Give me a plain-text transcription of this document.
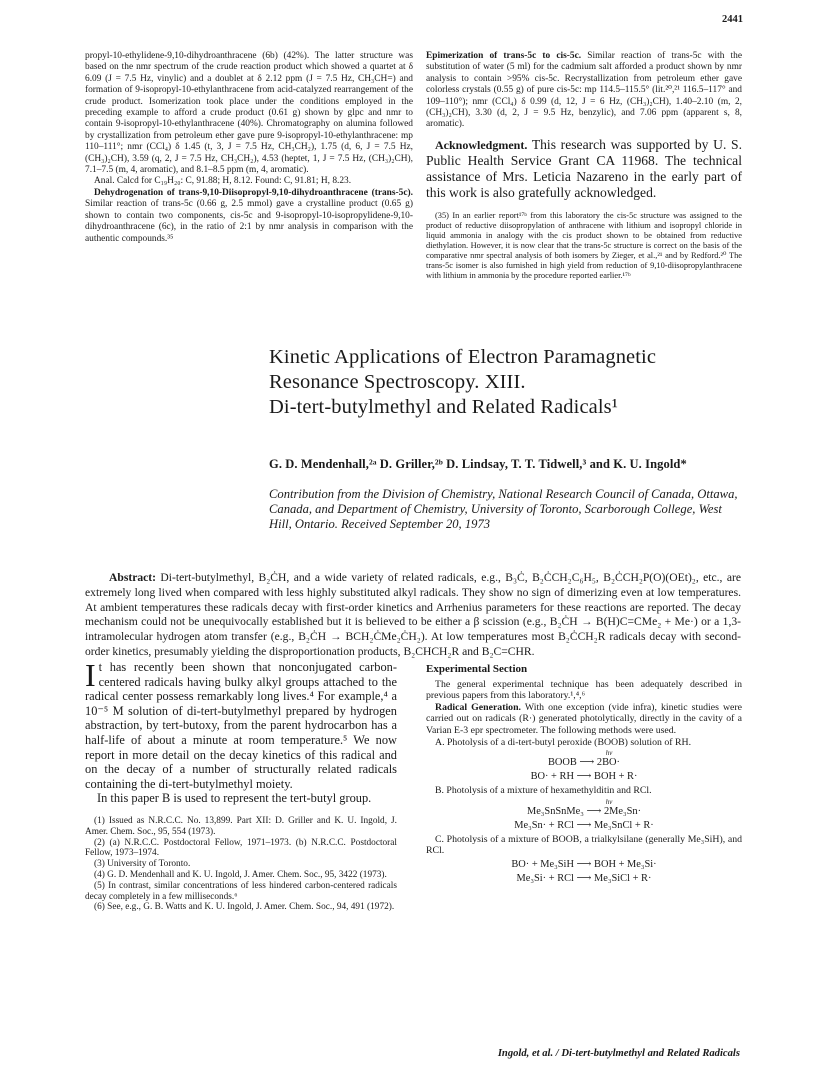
2441

propyl-10-ethylidene-9,10-dihydroanthracene (6b) (42%). The latter structure was based on the nmr spectrum of the crude reaction product which showed a quartet at δ 6.09 (J = 7.5 Hz, vinylic) and a doublet at δ 2.12 ppm (J = 7.5 Hz, CH₃CH=) and formation of 9-isopropyl-10-ethylanthracene from acid-catalyzed rearrangement of the crude product. Isomerization took place under the conditions employed in the preceding example to afford a crude product (0.61 g) shown by glpc and nmr to contain 9-isopropyl-10-ethylanthracene (40%). Chromatography on alumina followed by crystallization from petroleum ether gave pure 9-isopropyl-10-ethylanthracene: mp 110–111°; nmr (CCl₄) δ 1.45 (t, 3, J = 7.5 Hz, CH₃CH₂), 1.75 (d, 6, J = 7.5 Hz, (CH₃)₂CH), 3.59 (q, 2, J = 7.5 Hz, CH₃CH₂), 4.53 (heptet, 1, J = 7.5 Hz, (CH₃)₂CH), 7.1–7.5 (m, 4, aromatic), and 8.1–8.5 ppm (m, 4, aromatic).

Anal. Calcd for C₁₉H₂₀: C, 91.88; H, 8.12. Found: C, 91.81; H, 8.23.

Dehydrogenation of trans-9,10-Diisopropyl-9,10-dihydroanthracene (trans-5c). Similar reaction of trans-5c (0.66 g, 2.5 mmol) gave a crystalline product (0.65 g) shown to contain two components, cis-5c and 9-isopropyl-10-isopropylidene-9,10-dihydroanthracene (6c), in the ratio of 2:1 by nmr analysis in comparison with the authentic compounds.³⁵

Epimerization of trans-5c to cis-5c. Similar reaction of trans-5c with the substitution of water (5 ml) for the cadmium salt afforded a product shown by nmr analysis to contain >95% cis-5c. Recrystallization from petroleum ether gave colorless crystals (0.55 g) of pure cis-5c: mp 114.5–115.5° (lit.²⁰,²¹ 116.5–117° and 109–110°); nmr (CCl₄) δ 0.99 (d, 12, J = 6 Hz, (CH₃)₂CH), 1.40–2.10 (m, 2, (CH₃)₂CH), 3.30 (d, 2, J = 9.5 Hz, benzylic), and 7.06 ppm (apparent s, 8, aromatic).

Acknowledgment. This research was supported by U. S. Public Health Service Grant CA 11968. The technical assistance of Mrs. Leticia Nazareno in the early part of this work is also gratefully acknowledged.

(35) In an earlier report¹⁷ᵇ from this laboratory the cis-5c structure was assigned to the product of reductive diisopropylation of anthracene with lithium and isopropyl chloride in liquid ammonia in analogy with the cis product shown to be obtained from reductive diethylation. However, it is now clear that the trans-5c structure is correct on the basis of the comparative nmr spectral analysis of both isomers by Zieger, et al.,²¹ and by Redford.²⁰ The trans-5c isomer is also furnished in high yield from reduction of 9,10-diisopropylanthracene with lithium in ammonia by the procedure reported earlier.¹⁷ᵇ

Kinetic Applications of Electron Paramagnetic

Resonance Spectroscopy. XIII.

Di-tert-butylmethyl and Related Radicals¹

G. D. Mendenhall,²ᵃ D. Griller,²ᵇ D. Lindsay, T. T. Tidwell,³ and K. U. Ingold*
Contribution from the Division of Chemistry, National Research Council of Canada, Ottawa, Canada, and Department of Chemistry, University of Toronto, Scarborough College, West Hill, Ontario. Received September 20, 1973
Abstract: Di-tert-butylmethyl, B₂ĊH, and a wide variety of related radicals, e.g., B₃Ċ, B₂ĊCH₂C₆H₅, B₂ĊCH₂P(O)(OEt)₂, etc., are extremely long lived when compared with less highly substituted alkyl radicals. They show no sign of dimerizing even at low temperatures. At ambient temperatures these radicals decay with first-order kinetics and Arrhenius parameters for these reactions are reported. The decay mechanism could not be unequivocally established but it is believed to be either a β scission (e.g., B₂ĊH → B(H)C=CMe₂ + Me·) or a 1,3-intramolecular hydrogen atom transfer (e.g., B₂ĊH → BCH₂ĊMe₂ĊH₂). At low temperatures most B₂ĊCH₂R radicals decay with second-order kinetics, presumably yielding the disproportionation products, B₂CHCH₂R and B₂C=CHR.

It has recently been shown that nonconjugated carbon-centered radicals having bulky alkyl groups attached to the radical center possess remarkably long lives.⁴ For example,⁴ a 10⁻⁵ M solution of di-tert-butylmethyl prepared by hydrogen abstraction, by tert-butoxy, from the parent hydrocarbon has a half-life of about a minute at room temperature.⁵ We now report in more detail on the decay kinetics of this radical and on the decay of a number of structurally related radicals containing the di-tert-butylmethyl moiety.

In this paper B is used to represent the tert-butyl group.

(1) Issued as N.R.C.C. No. 13,899. Part XII: D. Griller and K. U. Ingold, J. Amer. Chem. Soc., 95, 554 (1973).
(2) (a) N.R.C.C. Postdoctoral Fellow, 1971–1973. (b) N.R.C.C. Postdoctoral Fellow, 1973–1974.
(3) University of Toronto.
(4) G. D. Mendenhall and K. U. Ingold, J. Amer. Chem. Soc., 95, 3422 (1973).
(5) In contrast, similar concentrations of less hindered carbon-centered radicals decay completely in a few milliseconds.⁶
(6) See, e.g., G. B. Watts and K. U. Ingold, J. Amer. Chem. Soc., 94, 491 (1972).

Experimental Section

The general experimental technique has been adequately described in previous papers from this laboratory.¹,⁴,⁶

Radical Generation. With one exception (vide infra), kinetic studies were carried out on radicals (R·) generated photolytically, directly in the cavity of a Varian E-3 epr spectrometer. The following methods were used.

A. Photolysis of a di-tert-butyl peroxide (BOOB) solution of RH.

hν
BOOB ⟶ 2BO·

BO· + RH ⟶ BOH + R·

B. Photolysis of a mixture of hexamethylditin and RCl.

hν
Me₃SnSnMe₃ ⟶ 2Me₃Sn·

Me₃Sn· + RCl ⟶ Me₃SnCl + R·

C. Photolysis of a mixture of BOOB, a trialkylsilane (generally Me₃SiH), and RCl.

BO· + Me₃SiH ⟶ BOH + Me₃Si·

Me₃Si· + RCl ⟶ Me₃SiCl + R·

Ingold, et al. / Di-tert-butylmethyl and Related Radicals
